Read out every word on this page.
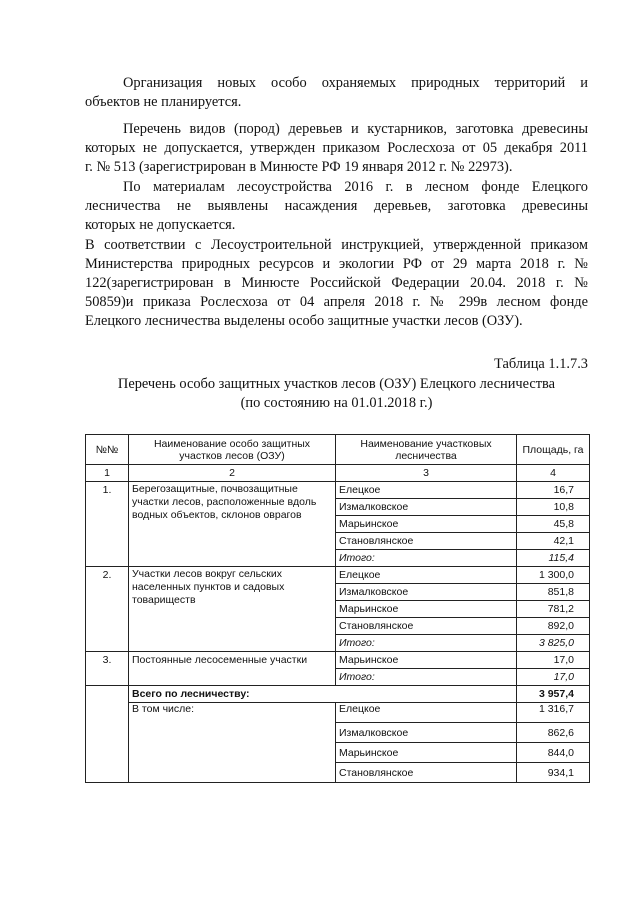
Организация новых особо охраняемых природных территорий и
объектов не планируется.
Перечень видов (пород) деревьев и кустарников, заготовка древесины
которых не допускается, утвержден приказом Рослесхоза от 05 декабря 2011
г. № 513 (зарегистрирован в Минюсте РФ 19 января 2012 г. № 22973).
По материалам лесоустройства 2016 г. в лесном фонде Елецкого
лесничества не выявлены насаждения деревьев, заготовка древесины
которых не допускается.
В соответствии с Лесоустроительной инструкцией, утвержденной приказом
Министерства природных ресурсов и экологии РФ от 29 марта 2018 г. №
122(зарегистрирован в Минюсте Российской Федерации 20.04. 2018 г. №
50859)и приказа Рослесхоза от 04 апреля 2018 г. № 299в лесном фонде
Елецкого лесничества выделены особо защитные участки лесов (ОЗУ).
Таблица 1.1.7.3
Перечень особо защитных участков лесов (ОЗУ) Елецкого лесничества
(по состоянию на 01.01.2018 г.)
№№	Наименование особо защитных участков лесов (ОЗУ)	Наименование участковых лесничества	Площадь, га
1	2	3	4
1.	Берегозащитные, почвозащитные участки лесов, расположенные вдоль водных объектов, склонов оврагов	Елецкое	16,7
		Измалковское	10,8
		Марьинское	45,8
		Становлянское	42,1
		Итого:	115,4
2.	Участки лесов вокруг сельских населенных пунктов и садовых товариществ	Елецкое	1 300,0
		Измалковское	851,8
		Марьинское	781,2
		Становлянское	892,0
		Итого:	3 825,0
3.	Постоянные лесосеменные участки	Марьинское	17,0
		Итого:	17,0
	Всего по лесничеству:		3 957,4
	В том числе:	Елецкое	1 316,7
		Измалковское	862,6
		Марьинское	844,0
		Становлянское	934,1
